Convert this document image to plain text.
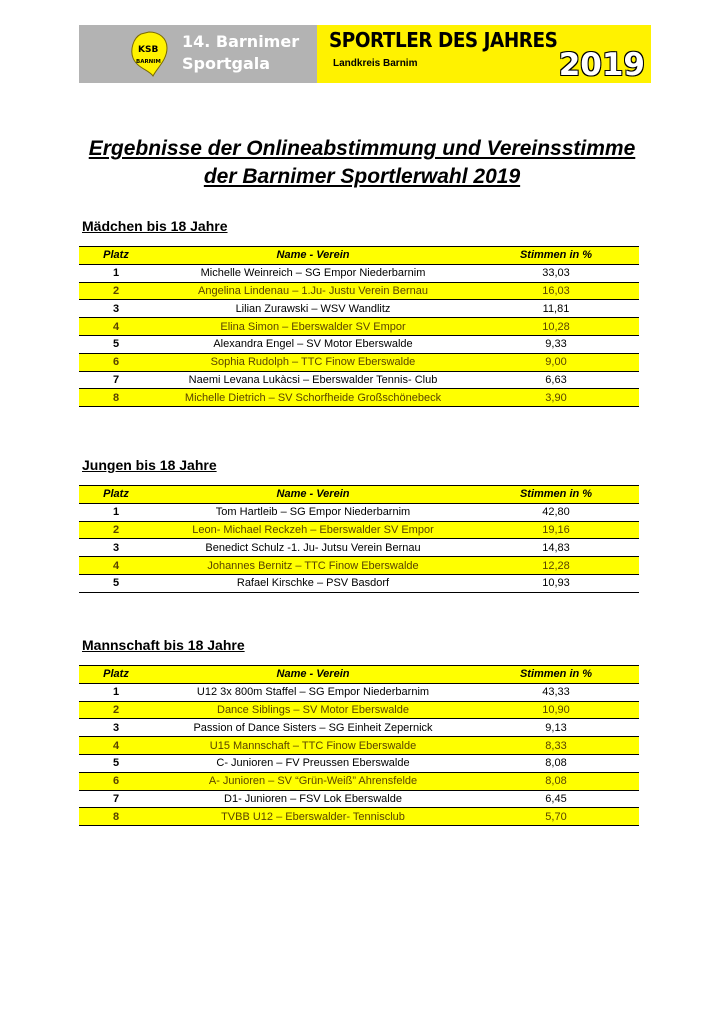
KSB
BARNIM
14. Barnimer
Sportgala
SPORTLER DES JAHRES
Landkreis Barnim	2019
Ergebnisse der Onlineabstimmung und Vereinsstimme
der Barnimer Sportlerwahl 2019
Mädchen bis 18 Jahre
Platz	Name - Verein	Stimmen in %
1	Michelle Weinreich – SG Empor Niederbarnim	33,03
2	Angelina Lindenau – 1.Ju- Justu Verein Bernau	16,03
3	Lilian Zurawski – WSV Wandlitz	11,81
4	Elina Simon – Eberswalder SV Empor	10,28
5	Alexandra Engel – SV Motor Eberswalde	9,33
6	Sophia Rudolph – TTC Finow Eberswalde	9,00
7	Naemi Levana Lukàcsi – Eberswalder Tennis- Club	6,63
8	Michelle Dietrich – SV Schorfheide Großschönebeck	3,90
Jungen bis 18 Jahre
Platz	Name - Verein	Stimmen in %
1	Tom Hartleib – SG Empor Niederbarnim	42,80
2	Leon- Michael Reckzeh – Eberswalder SV Empor	19,16
3	Benedict Schulz -1. Ju- Jutsu Verein Bernau	14,83
4	Johannes Bernitz – TTC Finow Eberswalde	12,28
5	Rafael Kirschke – PSV Basdorf	10,93
Mannschaft bis 18 Jahre
Platz	Name - Verein	Stimmen in %
1	U12 3x 800m Staffel – SG Empor Niederbarnim	43,33
2	Dance Siblings – SV Motor Eberswalde	10,90
3	Passion of Dance Sisters – SG Einheit Zepernick	9,13
4	U15 Mannschaft – TTC Finow Eberswalde	8,33
5	C- Junioren – FV Preussen Eberswalde	8,08
6	A- Junioren – SV “Grün-Weiß” Ahrensfelde	8,08
7	D1- Junioren – FSV Lok Eberswalde	6,45
8	TVBB U12 – Eberswalder- Tennisclub	5,70
